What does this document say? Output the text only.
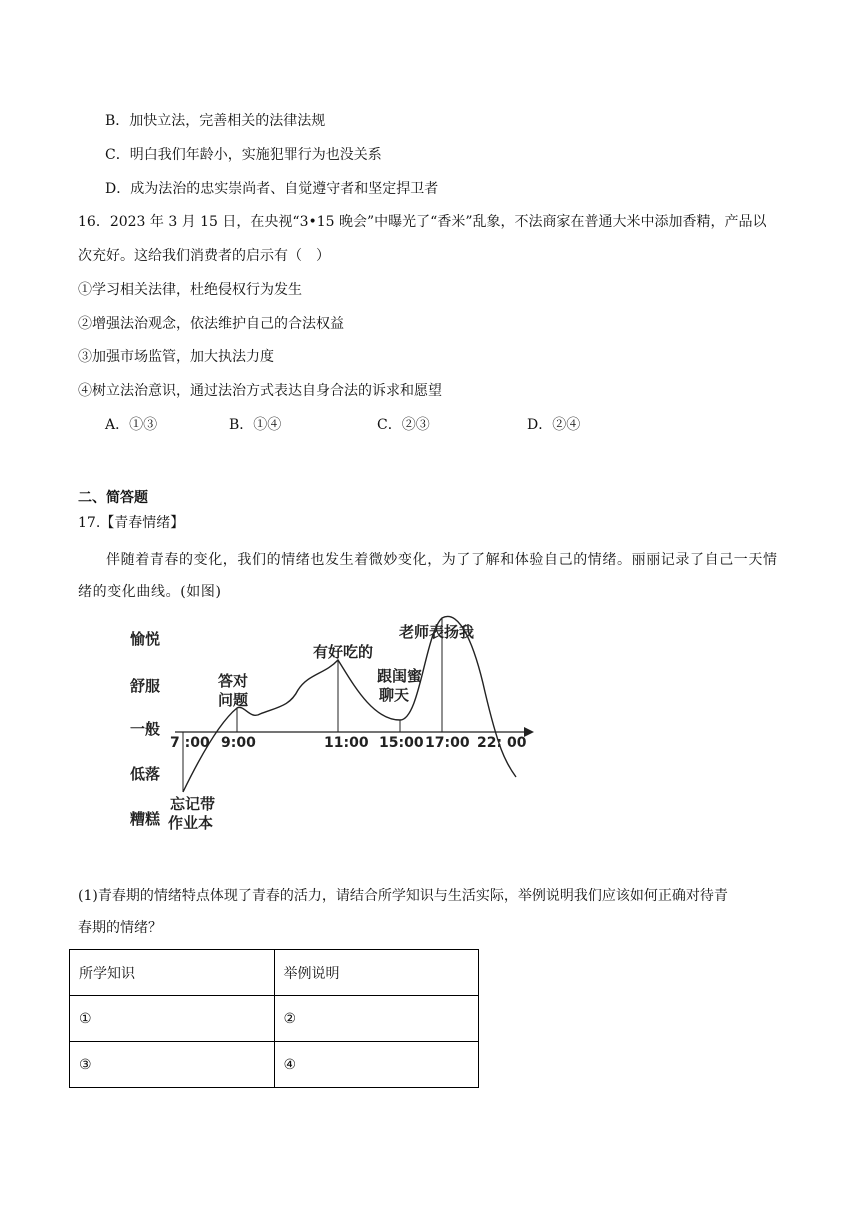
B．加快立法，完善相关的法律法规
C．明白我们年龄小，实施犯罪行为也没关系
D．成为法治的忠实崇尚者、自觉遵守者和坚定捍卫者
16．2023 年 3 月 15 日，在央视“3•15 晚会”中曝光了“香米”乱象，不法商家在普通大米中添加香精，产品以
次充好。这给我们消费者的启示有（　）
①学习相关法律，杜绝侵权行为发生
②增强法治观念，依法维护自己的合法权益
③加强市场监管，加大执法力度
④树立法治意识，通过法治方式表达自身合法的诉求和愿望
A．①③	B．①④	C．②③	D．②④
二、简答题
17.【青春情绪】
伴随着青春的变化，我们的情绪也发生着微妙变化，为了了解和体验自己的情绪。丽丽记录了自己一天情绪的变化曲线。(如图)
愉悦
舒服
一般
低落
糟糕
7 :00 9:00	11:00 15:00 17:00 22: 00
忘记带
作业本
答对
问题
有好吃的
跟闺蜜
聊天
老师表扬我
(1)青春期的情绪特点体现了青春的活力，请结合所学知识与生活实际，举例说明我们应该如何正确对待青
春期的情绪？
所学知识	举例说明
①	②
③	④
